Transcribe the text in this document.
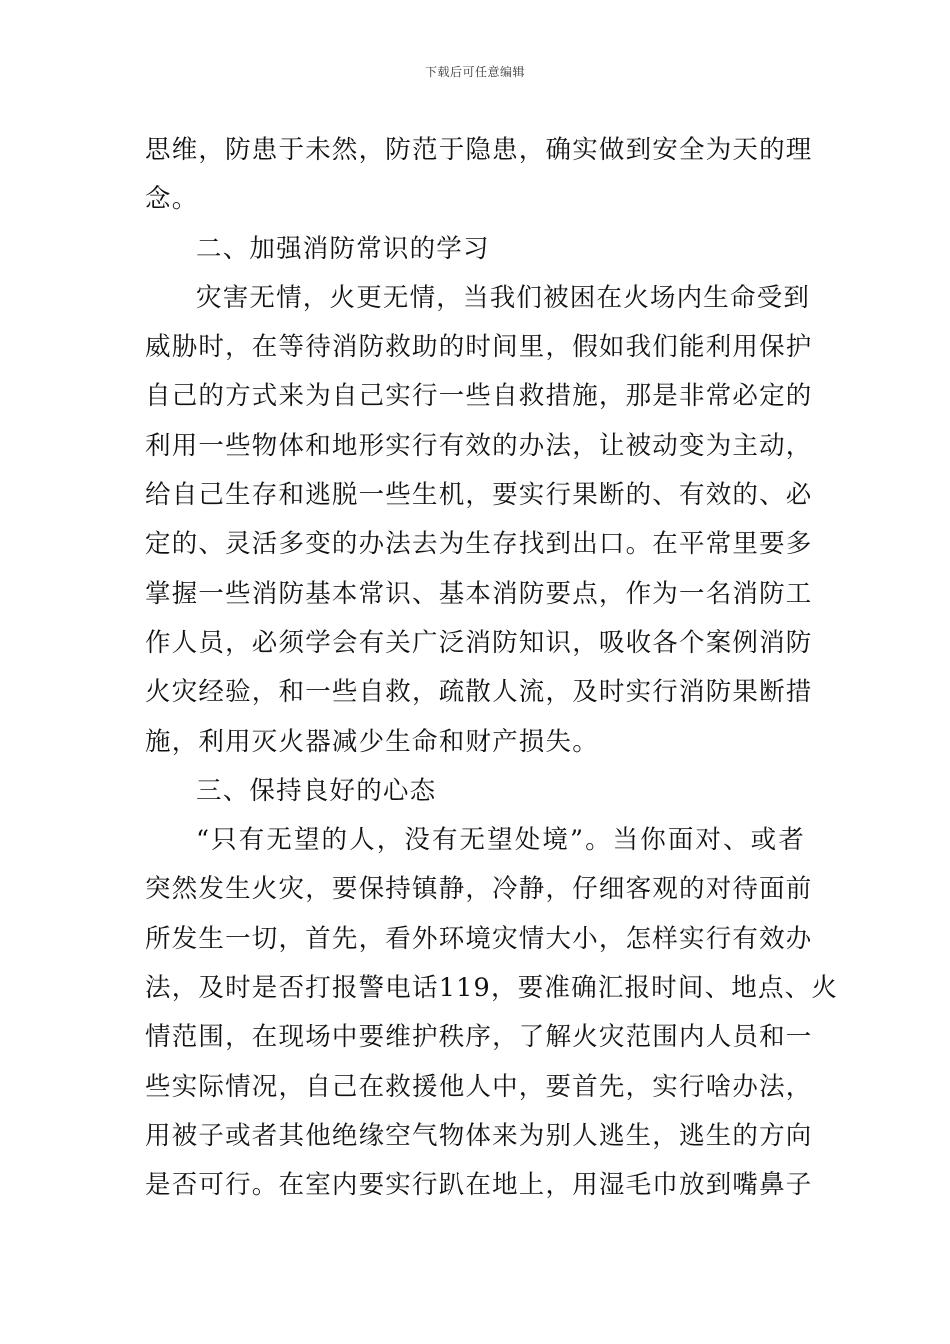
下载后可任意编辑
思维，防患于未然，防范于隐患，确实做到安全为天的理
念。
二、加强消防常识的学习
灾害无情，火更无情，当我们被困在火场内生命受到
威胁时，在等待消防救助的时间里，假如我们能利用保护
自己的方式来为自己实行一些自救措施，那是非常必定的
利用一些物体和地形实行有效的办法，让被动变为主动，
给自己生存和逃脱一些生机，要实行果断的、有效的、必
定的、灵活多变的办法去为生存找到出口。在平常里要多
掌握一些消防基本常识、基本消防要点，作为一名消防工
作人员，必须学会有关广泛消防知识，吸收各个案例消防
火灾经验，和一些自救，疏散人流，及时实行消防果断措
施，利用灭火器减少生命和财产损失。
三、保持良好的心态
“只有无望的人，没有无望处境”。当你面对、或者
突然发生火灾，要保持镇静，冷静，仔细客观的对待面前
所发生一切，首先，看外环境灾情大小，怎样实行有效办
法，及时是否打报警电话119，要准确汇报时间、地点、火
情范围，在现场中要维护秩序，了解火灾范围内人员和一
些实际情况，自己在救援他人中，要首先，实行啥办法，
用被子或者其他绝缘空气物体来为别人逃生，逃生的方向
是否可行。在室内要实行趴在地上，用湿毛巾放到嘴鼻子
